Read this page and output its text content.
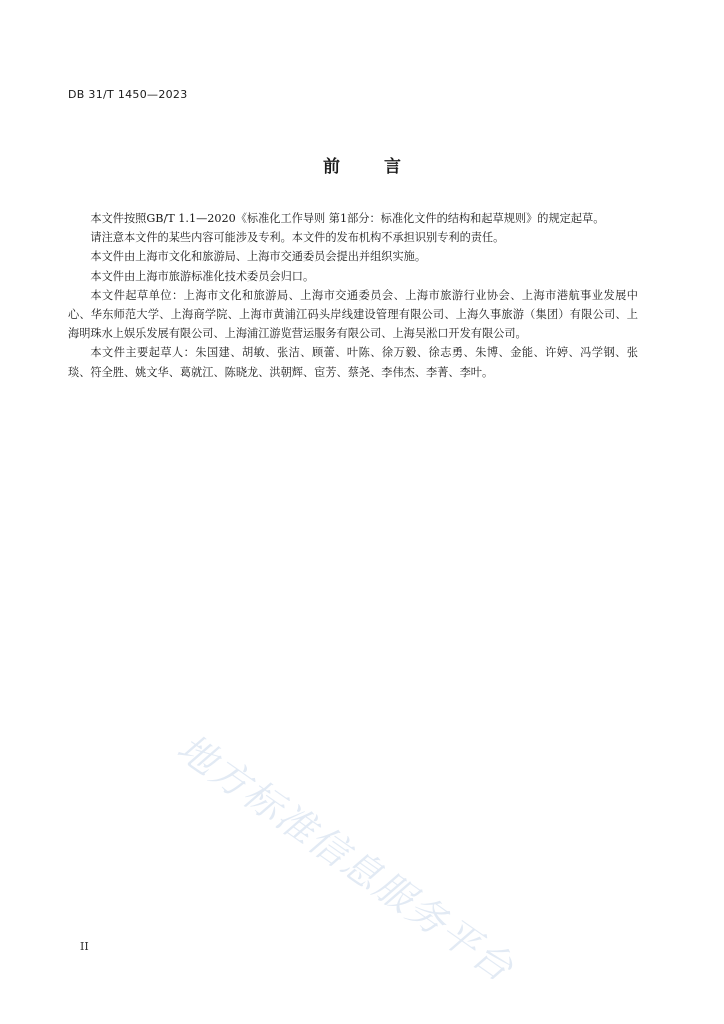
DB 31/T 1450—2023
前言

本文件按照GB/T 1.1—2020《标准化工作导则 第1部分：标准化文件的结构和起草规则》的规定起草。

请注意本文件的某些内容可能涉及专利。本文件的发布机构不承担识别专利的责任。

本文件由上海市文化和旅游局、上海市交通委员会提出并组织实施。

本文件由上海市旅游标准化技术委员会归口。

本文件起草单位：上海市文化和旅游局、上海市交通委员会、上海市旅游行业协会、上海市港航事业发展中心、华东师范大学、上海商学院、上海市黄浦江码头岸线建设管理有限公司、上海久事旅游（集团）有限公司、上海明珠水上娱乐发展有限公司、上海浦江游览营运服务有限公司、上海吴淞口开发有限公司。

本文件主要起草人：朱国建、胡敏、张洁、顾蕾、叶陈、徐万毅、徐志勇、朱博、金能、许婷、冯学钢、张琰、符全胜、姚文华、葛就江、陈晓龙、洪朝辉、宦芳、蔡尧、李伟杰、李菁、李叶。

地方标准信息服务平台
II
